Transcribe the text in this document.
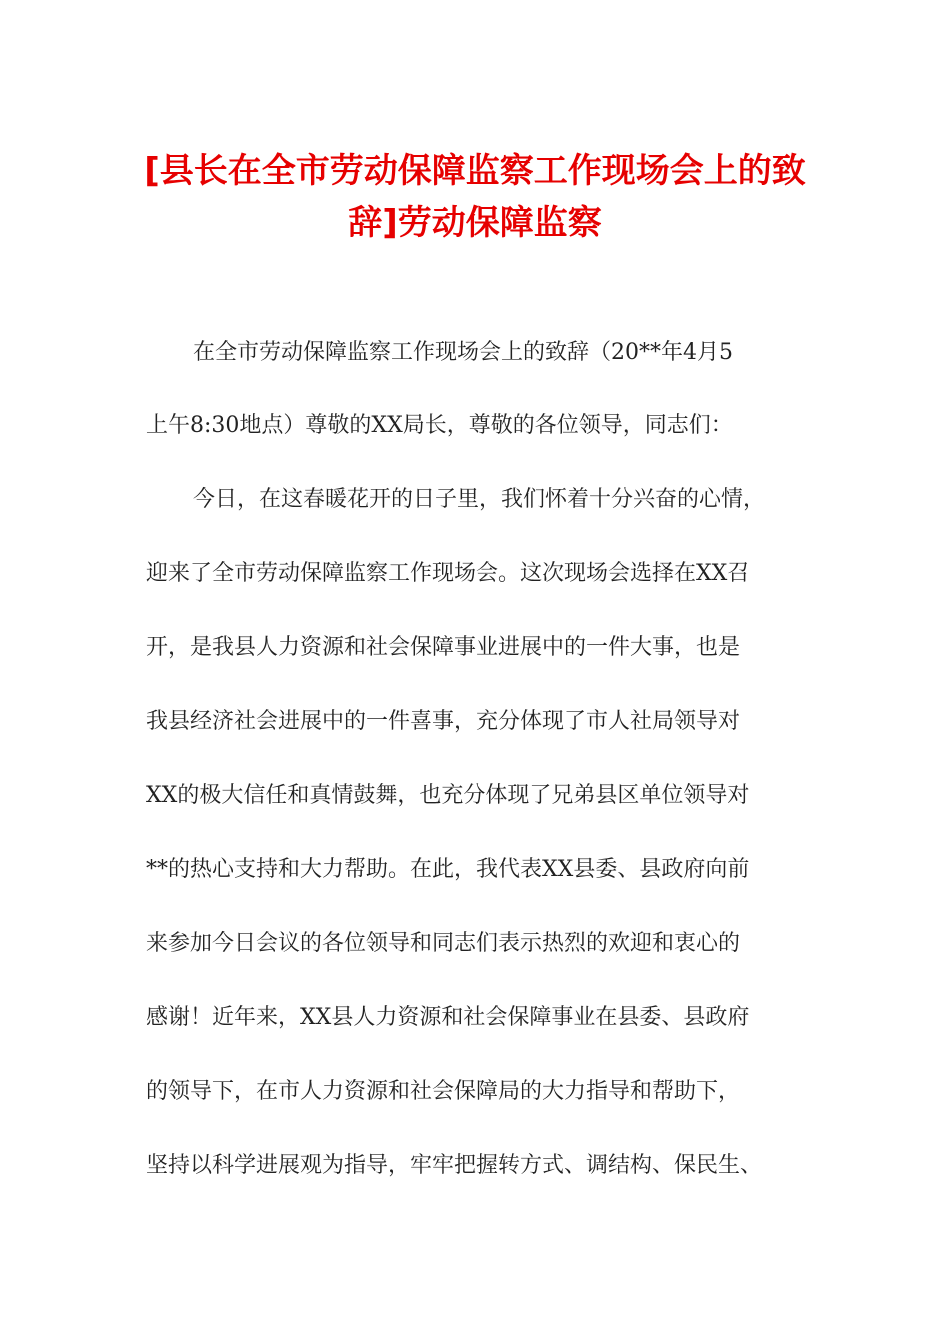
[县长在全市劳动保障监察工作现场会上的致
辞]劳动保障监察

在全市劳动保障监察工作现场会上的致辞（20**年4月5

上午8:30地点）尊敬的XX局长，尊敬的各位领导，同志们：

今日，在这春暖花开的日子里，我们怀着十分兴奋的心情，

迎来了全市劳动保障监察工作现场会。这次现场会选择在XX召

开，是我县人力资源和社会保障事业进展中的一件大事，也是

我县经济社会进展中的一件喜事，充分体现了市人社局领导对

XX的极大信任和真情鼓舞，也充分体现了兄弟县区单位领导对

**的热心支持和大力帮助。在此，我代表XX县委、县政府向前

来参加今日会议的各位领导和同志们表示热烈的欢迎和衷心的

感谢！近年来，XX县人力资源和社会保障事业在县委、县政府

的领导下，在市人力资源和社会保障局的大力指导和帮助下，

坚持以科学进展观为指导，牢牢把握转方式、调结构、保民生、
